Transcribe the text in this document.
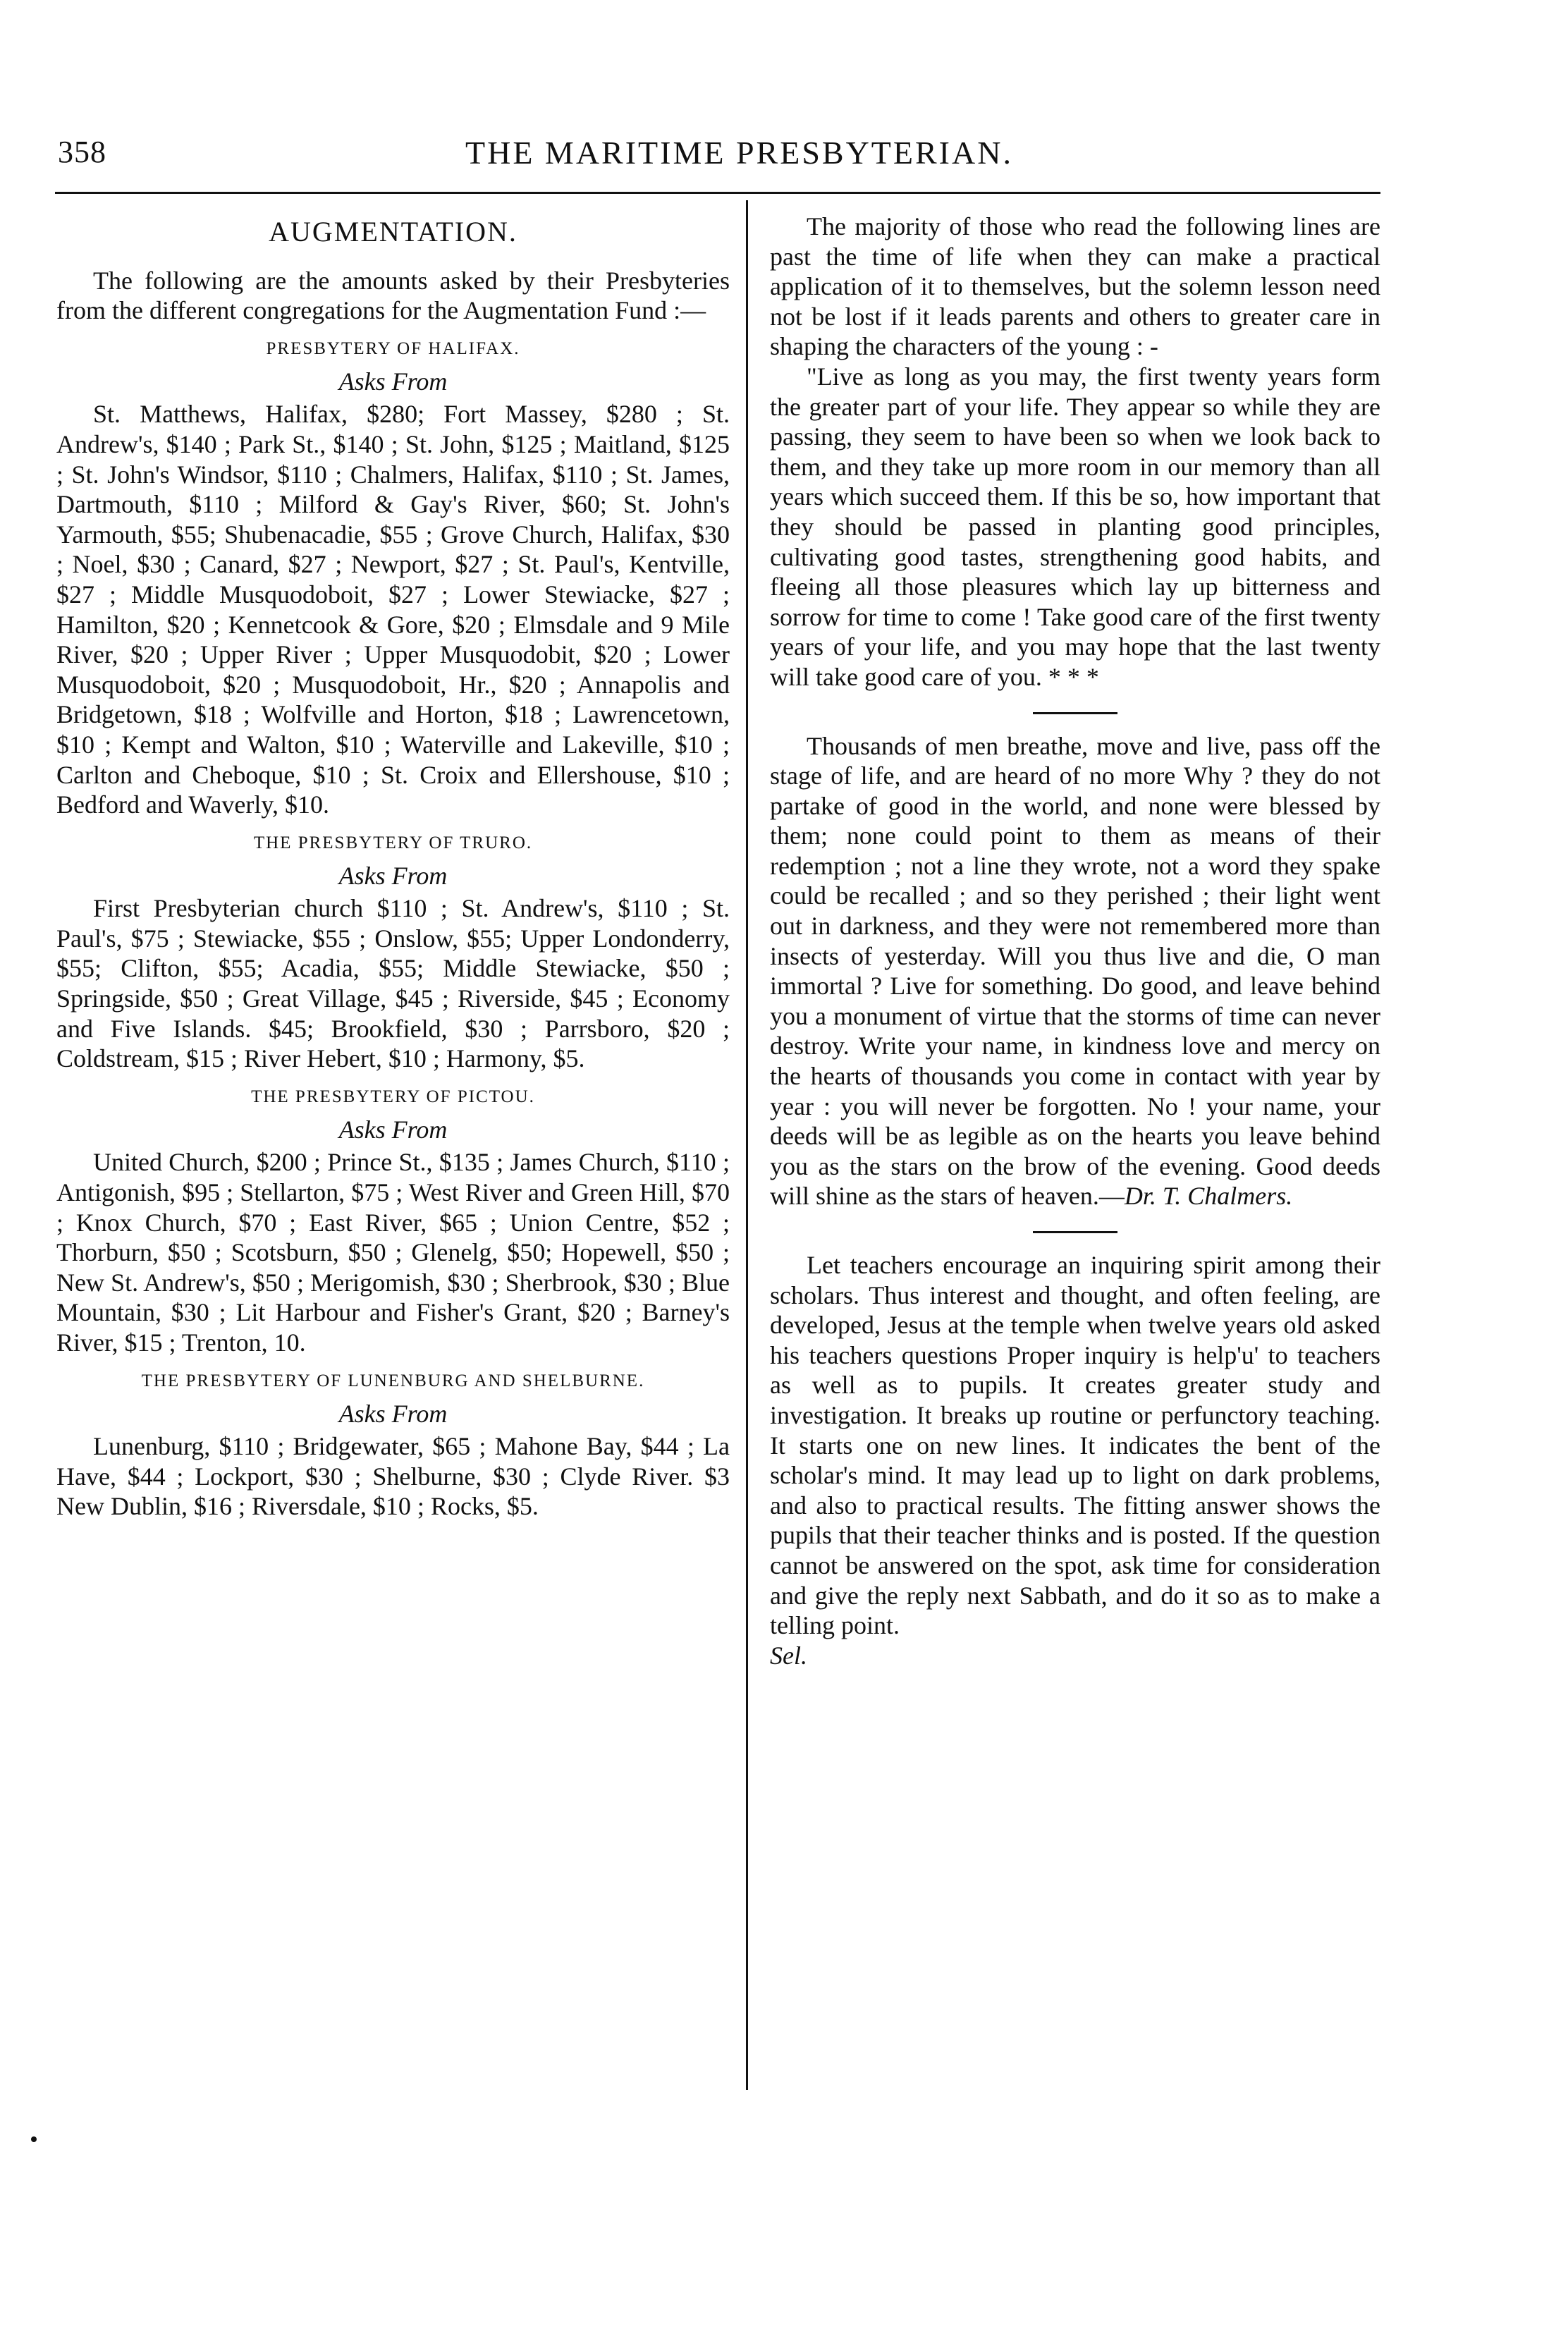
358	THE MARITIME PRESBYTERIAN.
AUGMENTATION.

The following are the amounts asked by their Presbyteries from the different congregations for the Augmentation Fund :—

PRESBYTERY OF HALIFAX.
Asks From

St. Matthews, Halifax, $280; Fort Massey, $280 ; St. Andrew's, $140 ; Park St., $140 ; St. John, $125 ; Maitland, $125 ; St. John's Windsor, $110 ; Chalmers, Halifax, $110 ; St. James, Dartmouth, $110 ; Milford & Gay's River, $60; St. John's Yarmouth, $55; Shubenacadie, $55 ; Grove Church, Halifax, $30 ; Noel, $30 ; Canard, $27 ; Newport, $27 ; St. Paul's, Kentville, $27 ; Middle Musquodoboit, $27 ; Lower Stewiacke, $27 ; Hamilton, $20 ; Kennetcook & Gore, $20 ; Elmsdale and 9 Mile River, $20 ; Upper River ; Upper Musquodobit, $20 ; Lower Musquodoboit, $20 ; Musquodoboit, Hr., $20 ; Annapolis and Bridgetown, $18 ; Wolfville and Horton, $18 ; Lawrencetown, $10 ; Kempt and Walton, $10 ; Waterville and Lakeville, $10 ; Carlton and Cheboque, $10 ; St. Croix and Ellershouse, $10 ; Bedford and Waverly, $10.

THE PRESBYTERY OF TRURO.
Asks From

First Presbyterian church $110 ; St. Andrew's, $110 ; St. Paul's, $75 ; Stewiacke, $55 ; Onslow, $55; Upper Londonderry, $55; Clifton, $55; Acadia, $55; Middle Stewiacke, $50 ; Springside, $50 ; Great Village, $45 ; Riverside, $45 ; Economy and Five Islands. $45; Brookfield, $30 ; Parrsboro, $20 ; Coldstream, $15 ; River Hebert, $10 ; Harmony, $5.

THE PRESBYTERY OF PICTOU.
Asks From

United Church, $200 ; Prince St., $135 ; James Church, $110 ; Antigonish, $95 ; Stellarton, $75 ; West River and Green Hill, $70 ; Knox Church, $70 ; East River, $65 ; Union Centre, $52 ; Thorburn, $50 ; Scotsburn, $50 ; Glenelg, $50; Hopewell, $50 ; New St. Andrew's, $50 ; Merigomish, $30 ; Sherbrook, $30 ; Blue Mountain, $30 ; Lit Harbour and Fisher's Grant, $20 ; Barney's River, $15 ; Trenton, 10.

THE PRESBYTERY OF LUNENBURG AND SHELBURNE.
Asks From

Lunenburg, $110 ; Bridgewater, $65 ; Mahone Bay, $44 ; La Have, $44 ; Lockport, $30 ; Shelburne, $30 ; Clyde River. $3 New Dublin, $16 ; Riversdale, $10 ; Rocks, $5.

The majority of those who read the following lines are past the time of life when they can make a practical application of it to themselves, but the solemn lesson need not be lost if it leads parents and others to greater care in shaping the characters of the young : -

"Live as long as you may, the first twenty years form the greater part of your life. They appear so while they are passing, they seem to have been so when we look back to them, and they take up more room in our memory than all years which succeed them. If this be so, how important that they should be passed in planting good principles, cultivating good tastes, strengthening good habits, and fleeing all those pleasures which lay up bitterness and sorrow for time to come ! Take good care of the first twenty years of your life, and you may hope that the last twenty will take good care of you. * * *

Thousands of men breathe, move and live, pass off the stage of life, and are heard of no more Why ? they do not partake of good in the world, and none were blessed by them; none could point to them as means of their redemption ; not a line they wrote, not a word they spake could be recalled ; and so they perished ; their light went out in darkness, and they were not remembered more than insects of yesterday. Will you thus live and die, O man immortal ? Live for something. Do good, and leave behind you a monument of virtue that the storms of time can never destroy. Write your name, in kindness love and mercy on the hearts of thousands you come in contact with year by year : you will never be forgotten. No ! your name, your deeds will be as legible as on the hearts you leave behind you as the stars on the brow of the evening. Good deeds will shine as the stars of heaven.—Dr. T. Chalmers.

Let teachers encourage an inquiring spirit among their scholars. Thus interest and thought, and often feeling, are developed, Jesus at the temple when twelve years old asked his teachers questions Proper inquiry is help'u' to teachers as well as to pupils. It creates greater study and investigation. It breaks up routine or perfunctory teaching. It starts one on new lines. It indicates the bent of the scholar's mind. It may lead up to light on dark problems, and also to practical results. The fitting answer shows the pupils that their teacher thinks and is posted. If the question cannot be answered on the spot, ask time for consideration and give the reply next Sabbath, and do it so as to make a telling point.

Sel.
